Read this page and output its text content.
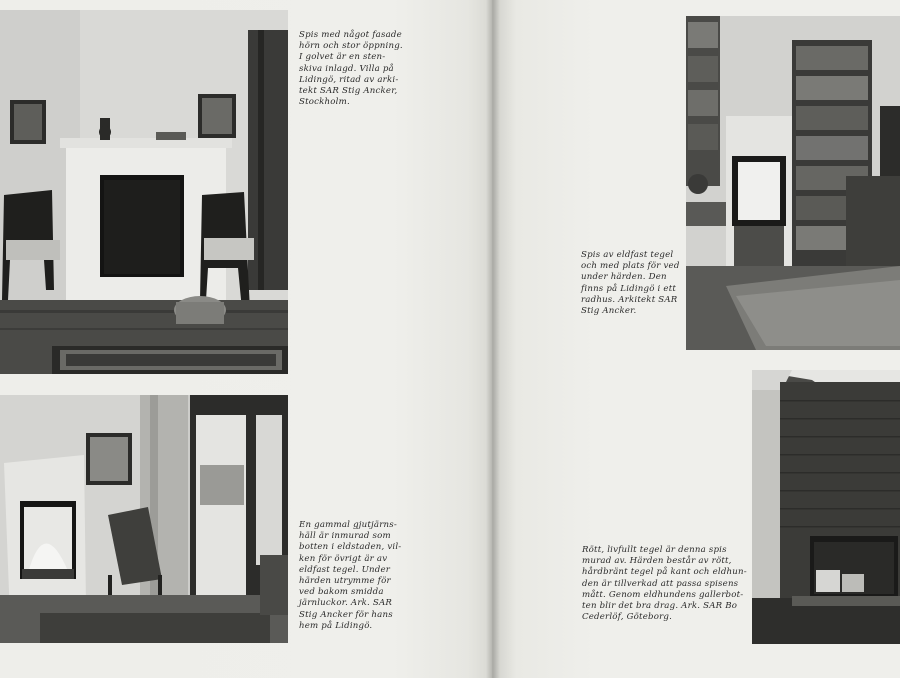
Spis med något fasade
hörn och stor öppning.
I golvet är en sten-
skiva inlagd. Villa på
Lidingö, ritad av arki-
tekt SAR Stig Ancker,
Stockholm.
En gammal gjutjärns-
häll är inmurad som
botten i eldstaden, vil-
ken för övrigt är av
eldfast tegel. Under
härden utrymme för
ved bakom smidda
järnluckor. Ark. SAR
Stig Ancker för hans
hem på Lidingö.
Spis av eldfast tegel
och med plats för ved
under härden. Den
finns på Lidingö i ett
radhus. Arkitekt SAR
Stig Ancker.
Rött, livfullt tegel är denna spis
murad av. Härden består av rött,
hårdbränt tegel på kant och eldhun-
den är tillverkad att passa spisens
mått. Genom eldhundens gallerbot-
ten blir det bra drag. Ark. SAR Bo
Cederlöf, Göteborg.
